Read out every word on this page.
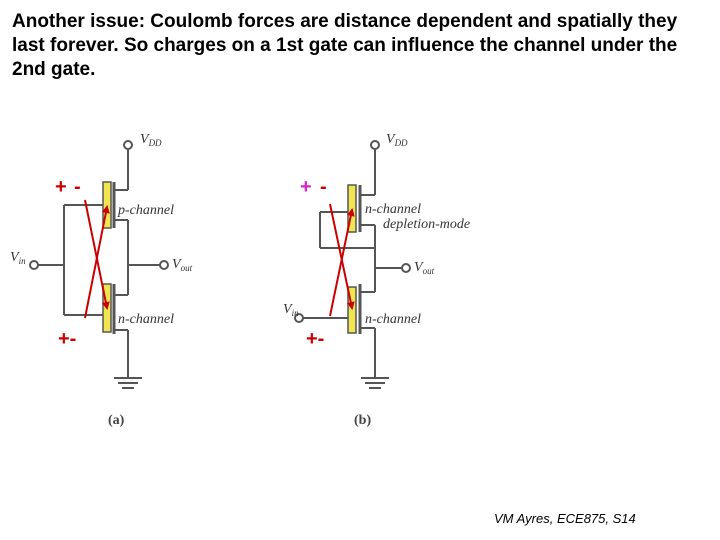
Another issue: Coulomb forces are distance dependent and spatially they last forever. So charges on a 1st gate can influence the channel under the 2nd gate.
$V_{DD}$
$V_{in}$	$V_{out}$
p-channel
n-channel
(a)
+ -
+-
$V_{DD}$
$V_{in}$
$V_{out}$
n-channel
depletion-mode
n-channel
(b)
+ -
+-
VM Ayres, ECE875, S14
